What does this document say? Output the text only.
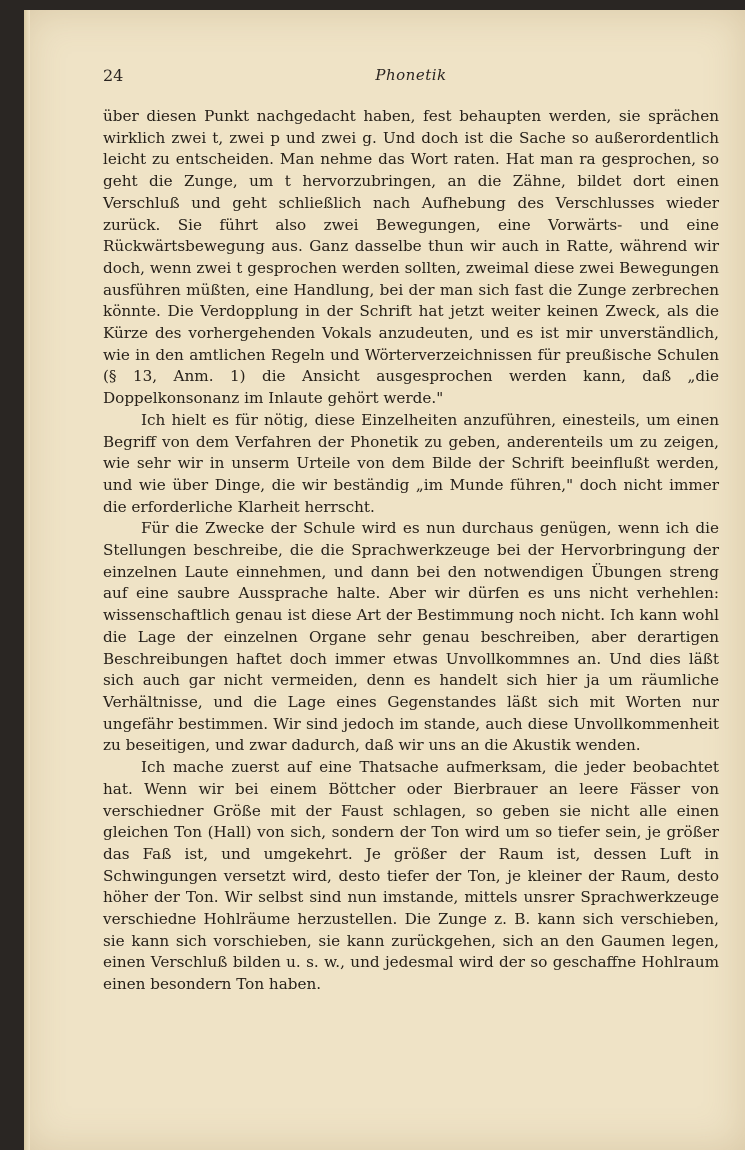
24	Phonetik

über diesen Punkt nachgedacht haben, fest behaupten werden, sie sprächen wirklich zwei t, zwei p und zwei g. Und doch ist die Sache so außerordentlich leicht zu entscheiden. Man nehme das Wort raten. Hat man ra gesprochen, so geht die Zunge, um t hervorzubringen, an die Zähne, bildet dort einen Verschluß und geht schließlich nach Aufhebung des Verschlusses wieder zurück. Sie führt also zwei Bewegungen, eine Vorwärts- und eine Rückwärtsbewegung aus. Ganz dasselbe thun wir auch in Ratte, während wir doch, wenn zwei t gesprochen werden sollten, zweimal diese zwei Bewegungen ausführen müßten, eine Handlung, bei der man sich fast die Zunge zerbrechen könnte. Die Verdopplung in der Schrift hat jetzt weiter keinen Zweck, als die Kürze des vorhergehenden Vokals anzudeuten, und es ist mir unverständlich, wie in den amtlichen Regeln und Wörterverzeichnissen für preußische Schulen (§ 13, Anm. 1) die Ansicht ausgesprochen werden kann, daß „die Doppelkonsonanz im Inlaute gehört werde."

Ich hielt es für nötig, diese Einzelheiten anzuführen, einesteils, um einen Begriff von dem Verfahren der Phonetik zu geben, anderenteils um zu zeigen, wie sehr wir in unserm Urteile von dem Bilde der Schrift beeinflußt werden, und wie über Dinge, die wir beständig „im Munde führen," doch nicht immer die erforderliche Klarheit herrscht.

Für die Zwecke der Schule wird es nun durchaus genügen, wenn ich die Stellungen beschreibe, die die Sprachwerkzeuge bei der Hervorbringung der einzelnen Laute einnehmen, und dann bei den notwendigen Übungen streng auf eine saubre Aussprache halte. Aber wir dürfen es uns nicht verhehlen: wissenschaftlich genau ist diese Art der Bestimmung noch nicht. Ich kann wohl die Lage der einzelnen Organe sehr genau beschreiben, aber derartigen Beschreibungen haftet doch immer etwas Unvollkommnes an. Und dies läßt sich auch gar nicht vermeiden, denn es handelt sich hier ja um räumliche Verhältnisse, und die Lage eines Gegenstandes läßt sich mit Worten nur ungefähr bestimmen. Wir sind jedoch im stande, auch diese Unvollkommenheit zu beseitigen, und zwar dadurch, daß wir uns an die Akustik wenden.

Ich mache zuerst auf eine Thatsache aufmerksam, die jeder beobachtet hat. Wenn wir bei einem Böttcher oder Bierbrauer an leere Fässer von verschiedner Größe mit der Faust schlagen, so geben sie nicht alle einen gleichen Ton (Hall) von sich, sondern der Ton wird um so tiefer sein, je größer das Faß ist, und umgekehrt. Je größer der Raum ist, dessen Luft in Schwingungen versetzt wird, desto tiefer der Ton, je kleiner der Raum, desto höher der Ton. Wir selbst sind nun imstande, mittels unsrer Sprachwerkzeuge verschiedne Hohlräume herzustellen. Die Zunge z. B. kann sich verschieben, sie kann sich vorschieben, sie kann zurückgehen, sich an den Gaumen legen, einen Verschluß bilden u. s. w., und jedesmal wird der so geschaffne Hohlraum einen besondern Ton haben.
